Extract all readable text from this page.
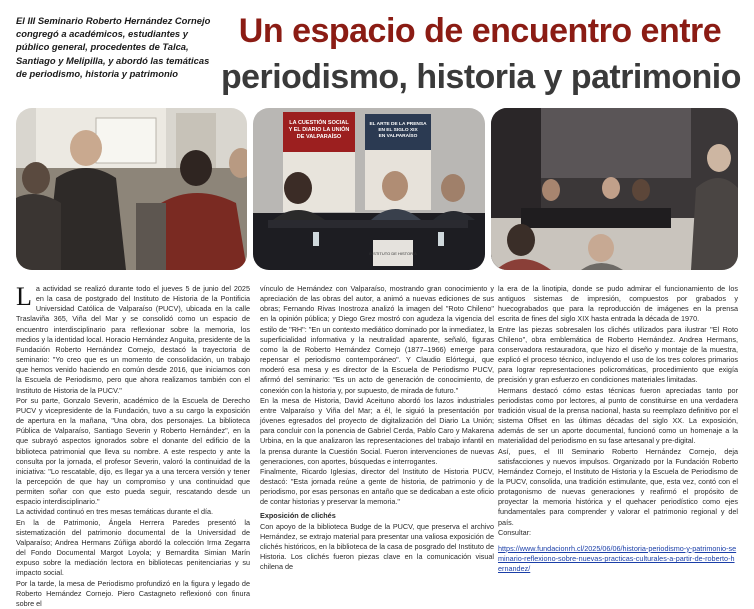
El III Seminario Roberto Hernández Cornejo congregó a académicos, estudiantes y público general, procedentes de Talca, Santiago y Melipilla, y abordó las temáticas de periodismo, historia y patrimonio
Un espacio de encuentro entre
periodismo, historia y patrimonio
LA CUESTIÓN SOCIAL Y EL DIARIO LA UNIÓN DE VALPARAÍSO
EL ARTE DE LA PRENSA EN EL SIGLO XIX EN VALPARAÍSO
INSTITUTO DE HISTORIA

La actividad se realizó durante todo el jueves 5 de junio del 2025 en la casa de postgrado del Instituto de Historia de la Pontificia Universidad Católica de Valparaíso (PUCV), ubicada en la calle Traslaviña 365, Viña del Mar y se consolidó como un espacio de encuentro interdisciplinario para reflexionar sobre la memoria, los medios y la identidad local. Horacio Hernández Anguita, presidente de la Fundación Roberto Hernández Cornejo, destacó la trayectoria de seminario: "Yo creo que es un momento de consolidación, un trabajo que hemos venido haciendo en común desde 2016, que iniciamos con la Escuela de Periodismo, pero que ahora realizamos también con el Instituto de Historia de la PUCV."

Por su parte, Gonzalo Severin, académico de la Escuela de Derecho PUCV y vicepresidente de la Fundación, tuvo a su cargo la exposición de apertura en la mañana, "Una obra, dos personajes. La biblioteca Pública de Valparaíso, Santiago Severin y Roberto Hernández", en la que subrayó aspectos ignorados sobre el donante del edificio de la biblioteca patrimonial que lleva su nombre. A este respecto y ante la consulta por la jornada, el profesor Severin, valoró la continuidad de la iniciativa: "Lo rescatable, dijo, es llegar ya a una tercera versión y tener la percepción de que hay un compromiso y una continuidad que permiten soñar con que esto pueda seguir, rescatando desde un espacio interdisciplinario."

La actividad continuó en tres mesas temáticas durante el día.

En la de Patrimonio, Ángela Herrera Paredes presentó la sistematización del patrimonio documental de la Universidad de Valparaíso; Andrea Hermans Zúñiga abordó la colección Irma Zegarra del Fondo Documental Margot Loyola; y Bernardita Simian Marín expuso sobre la mediación lectora en bibliotecas penitenciarias y su impacto social.

Por la tarde, la mesa de Periodismo profundizó en la figura y legado de Roberto Hernández Cornejo. Piero Castagneto reflexionó con finura sobre el

vínculo de Hernández con Valparaíso, mostrando gran conocimiento y apreciación de las obras del autor, a animó a nuevas ediciones de sus obras; Fernando Rivas Inostroza analizó la imagen del "Roto Chileno" en la opinión pública; y Diego Grez mostró con agudeza la vigencia del estilo de "RH": "En un contexto mediático dominado por la inmediatez, la superficialidad informativa y la neutralidad aparente, señaló, figuras como la de Roberto Hernández Cornejo (1877–1966) emerge para repensar el periodismo contemporáneo". Y Claudio Elórtegui, que moderó esa mesa y es director de la Escuela de Periodismo PUCV, afirmó del seminario: "Es un acto de generación de conocimiento, de conexión con la historia y, por supuesto, de mirada de futuro."

En la mesa de Historia, David Aceituno abordó los lazos industriales entre Valparaíso y Viña del Mar; a él, le siguió la presentación por jóvenes egresados del proyecto de digitalización del Diario La Unión; para concluir con la ponencia de Gabriel Cerda, Pablo Caro y Makarena Urbina, en la que analizaron las representaciones del trabajo infantil en la prensa durante la Cuestión Social. Fueron intervenciones de nuevas generaciones, con aportes, búsquedas e interrogantes.

Finalmente, Ricardo Iglesias, director del Instituto de Historia PUCV, destacó: "Esta jornada reúne a gente de historia, de patrimonio y de periodismo, por esas personas en antaño que se dedicaban a este oficio de contar historias y preservar la memoria."

Exposición de clichés

Con apoyo de la biblioteca Budge de la PUCV, que preserva el archivo Hernández, se extrajo material para presentar una valiosa exposición de clichés históricos, en la biblioteca de la casa de posgrado del Instituto de Historia. Los clichés fueron piezas clave en la comunicación visual chilena de

la era de la linotipia, donde se pudo admirar el funcionamiento de los antiguos sistemas de impresión, compuestos por grabados y huecograbados que para la reproducción de imágenes en la prensa escrita de fines del siglo XIX hasta entrada la década de 1970.

Entre las piezas sobresalen los clichés utilizados para ilustrar "El Roto Chileno", obra emblemática de Roberto Hernández. Andrea Hermans, conservadora restauradora, que hizo el diseño y montaje de la muestra, explicó el proceso técnico, incluyendo el uso de los tres colores primarios para lograr representaciones policromáticas, procedimiento que exigía precisión y gran esfuerzo en condiciones materiales limitadas.

Hermans destacó cómo estas técnicas fueron apreciadas tanto por periodistas como por lectores, al punto de constituirse en una verdadera tradición visual de la prensa nacional, hasta su reemplazo definitivo por el sistema Offset en las últimas décadas del siglo XX. La exposición, además de ser un aporte documental, funcionó como un homenaje a la materialidad del periodismo en su fase artesanal y pre-digital.

Así, pues, el III Seminario Roberto Hernández Cornejo, deja satisfacciones y nuevos impulsos. Organizado por la Fundación Roberto Hernández Cornejo, el Instituto de Historia y la Escuela de Periodismo de la PUCV, consolida, una tradición estimulante, que, esta vez, contó con el protagonismo de nuevas generaciones y reafirmó el propósito de proyectar la memoria histórica y el quehacer periodístico como ejes fundamentales para comprender y valorar el patrimonio regional y del país.

Consultar:

https://www.fundacionrh.cl/2025/06/06/historia-periodismo-y-patrimonio-seminario-reflexiono-sobre-nuevas-practicas-culturales-a-partir-de-roberto-hernandez/
